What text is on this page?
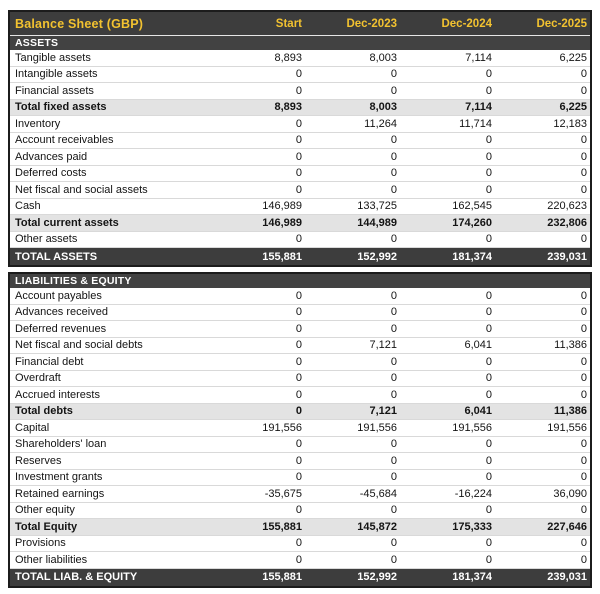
Balance Sheet (GBP)	Start	Dec-2023	Dec-2024	Dec-2025
ASSETS
Tangible assets	8,893	8,003	7,114	6,225
Intangible assets	0	0	0	0
Financial assets	0	0	0	0
Total fixed assets	8,893	8,003	7,114	6,225
Inventory	0	11,264	11,714	12,183
Account receivables	0	0	0	0
Advances paid	0	0	0	0
Deferred costs	0	0	0	0
Net fiscal and social assets	0	0	0	0
Cash	146,989	133,725	162,545	220,623
Total current assets	146,989	144,989	174,260	232,806
Other assets	0	0	0	0
TOTAL ASSETS	155,881	152,992	181,374	239,031
LIABILITIES & EQUITY
Account payables	0	0	0	0
Advances received	0	0	0	0
Deferred revenues	0	0	0	0
Net fiscal and social debts	0	7,121	6,041	11,386
Financial debt	0	0	0	0
Overdraft	0	0	0	0
Accrued interests	0	0	0	0
Total debts	0	7,121	6,041	11,386
Capital	191,556	191,556	191,556	191,556
Shareholders' loan	0	0	0	0
Reserves	0	0	0	0
Investment grants	0	0	0	0
Retained earnings	-35,675	-45,684	-16,224	36,090
Other equity	0	0	0	0
Total Equity	155,881	145,872	175,333	227,646
Provisions	0	0	0	0
Other liabilities	0	0	0	0
TOTAL LIAB. & EQUITY	155,881	152,992	181,374	239,031
